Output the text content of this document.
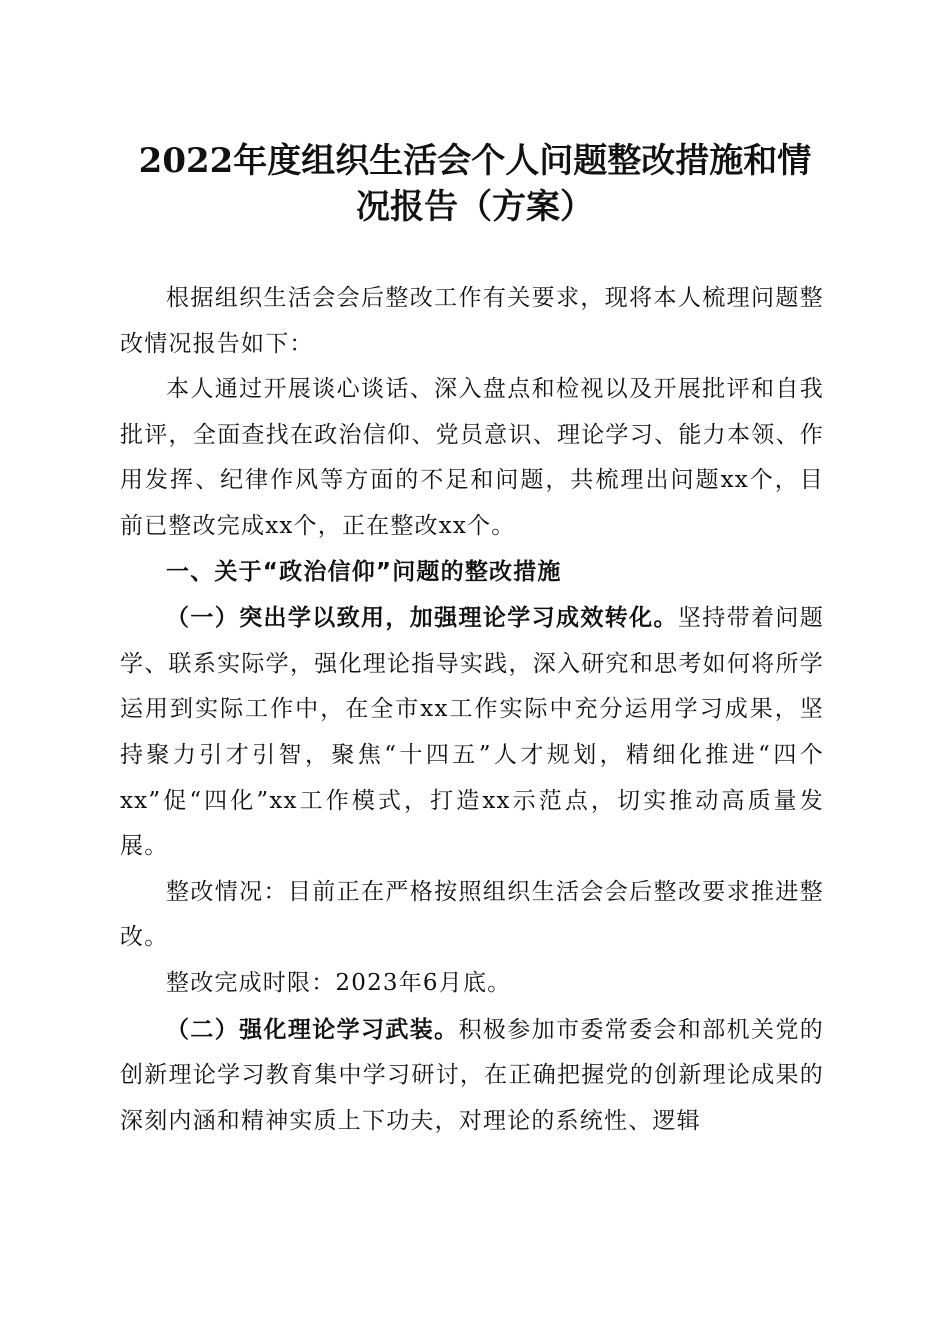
2022年度组织生活会个人问题整改措施和情
况报告（方案）

根据组织生活会会后整改工作有关要求，现将本人梳理问题整改情况报告如下：

本人通过开展谈心谈话、深入盘点和检视以及开展批评和自我批评，全面查找在政治信仰、党员意识、理论学习、能力本领、作用发挥、纪律作风等方面的不足和问题，共梳理出问题xx个，目前已整改完成xx个，正在整改xx个。

一、关于“政治信仰”问题的整改措施

（一）突出学以致用，加强理论学习成效转化。坚持带着问题学、联系实际学，强化理论指导实践，深入研究和思考如何将所学运用到实际工作中，在全市xx工作实际中充分运用学习成果，坚持聚力引才引智，聚焦“十四五”人才规划，精细化推进“四个xx”促“四化”xx工作模式，打造xx示范点，切实推动高质量发展。

整改情况：目前正在严格按照组织生活会会后整改要求推进整改。

整改完成时限：2023年6月底。

（二）强化理论学习武装。积极参加市委常委会和部机关党的创新理论学习教育集中学习研讨，在正确把握党的创新理论成果的深刻内涵和精神实质上下功夫，对理论的系统性、逻辑
